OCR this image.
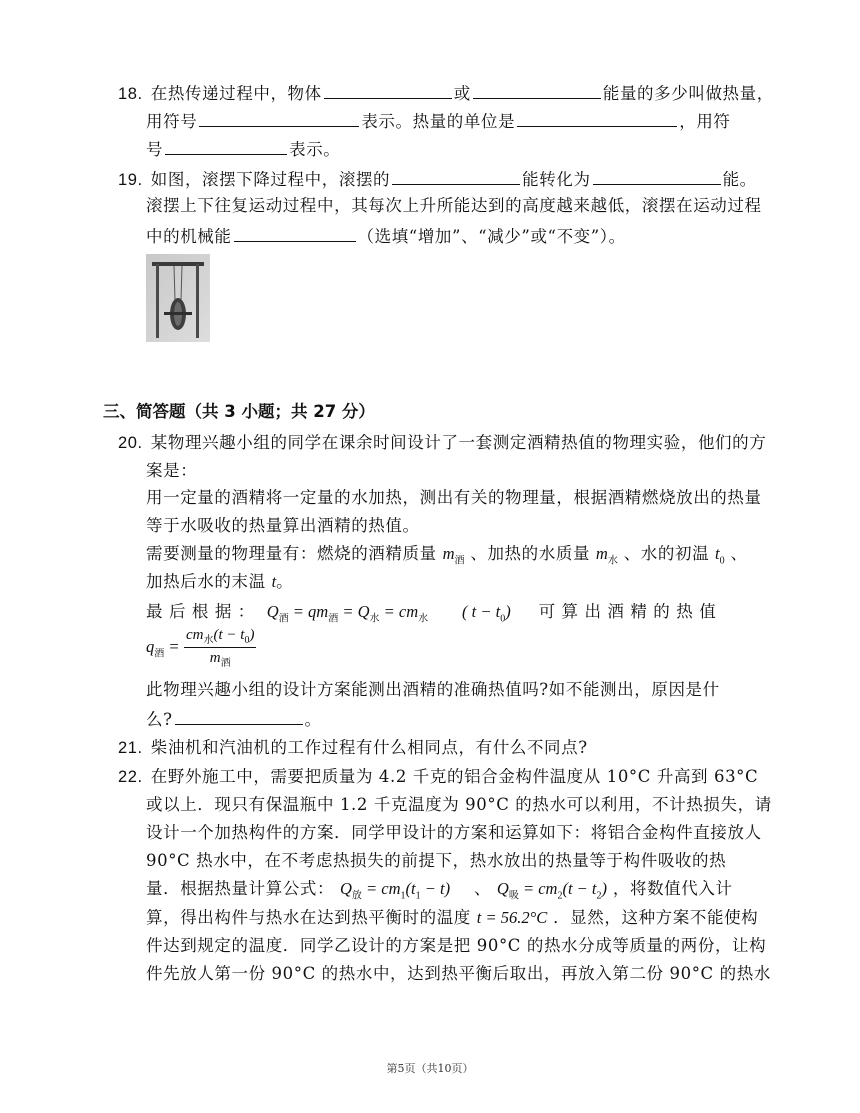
18. 在热传递过程中，物体	或	能量的多少叫做热量，
用符号	表示。热量的单位是	，用符
号	表示。
19. 如图，滚摆下降过程中，滚摆的	能转化为	能。
滚摆上下往复运动过程中，其每次上升所能达到的高度越来越低，滚摆在运动过程
中的机械能	（选填“增加”、“减少”或“不变”）。
三、简答题（共 3 小题；共 27 分）
20. 某物理兴趣小组的同学在课余时间设计了一套测定酒精热值的物理实验，他们的方
案是：
用一定量的酒精将一定量的水加热，测出有关的物理量，根据酒精燃烧放出的热量
等于水吸收的热量算出酒精的热值。
需要测量的物理量有：燃烧的酒精质量 $m_酒$ 、加热的水质量 $m_水$ 、水的初温 $t_0$ 、
加热后水的末温 t。
最 后 根 据 ： $Q_酒 = qm_酒 = Q_水 = cm_水$ ( $t - t_0$) 可 算 出 酒 精 的 热 值
$q_酒$ =
$cm_水(t - t_0)$
$m_酒$
此物理兴趣小组的设计方案能测出酒精的准确热值吗?如不能测出，原因是什
么?	。
21. 柴油机和汽油机的工作过程有什么相同点，有什么不同点?
22. 在野外施工中，需要把质量为 4.2 千克的铝合金构件温度从 10°C 升高到 63°C
或以上．现只有保温瓶中 1.2 千克温度为 90°C 的热水可以利用，不计热损失，请
设计一个加热构件的方案．同学甲设计的方案和运算如下：将铝合金构件直接放人
90°C 热水中，在不考虑热损失的前提下，热水放出的热量等于构件吸收的热
量．根据热量计算公式： $Q_放 = cm_1(t_1 - t)$ 、 $Q_吸 = cm_2(t - t_2)$ ，将数值代入计
算，得出构件与热水在达到热平衡时的温度 t = 56.2°C ．显然，这种方案不能使构
件达到规定的温度．同学乙设计的方案是把 90°C 的热水分成等质量的两份，让构
件先放人第一份 90°C 的热水中，达到热平衡后取出，再放入第二份 90°C 的热水
第5页（共10页）
